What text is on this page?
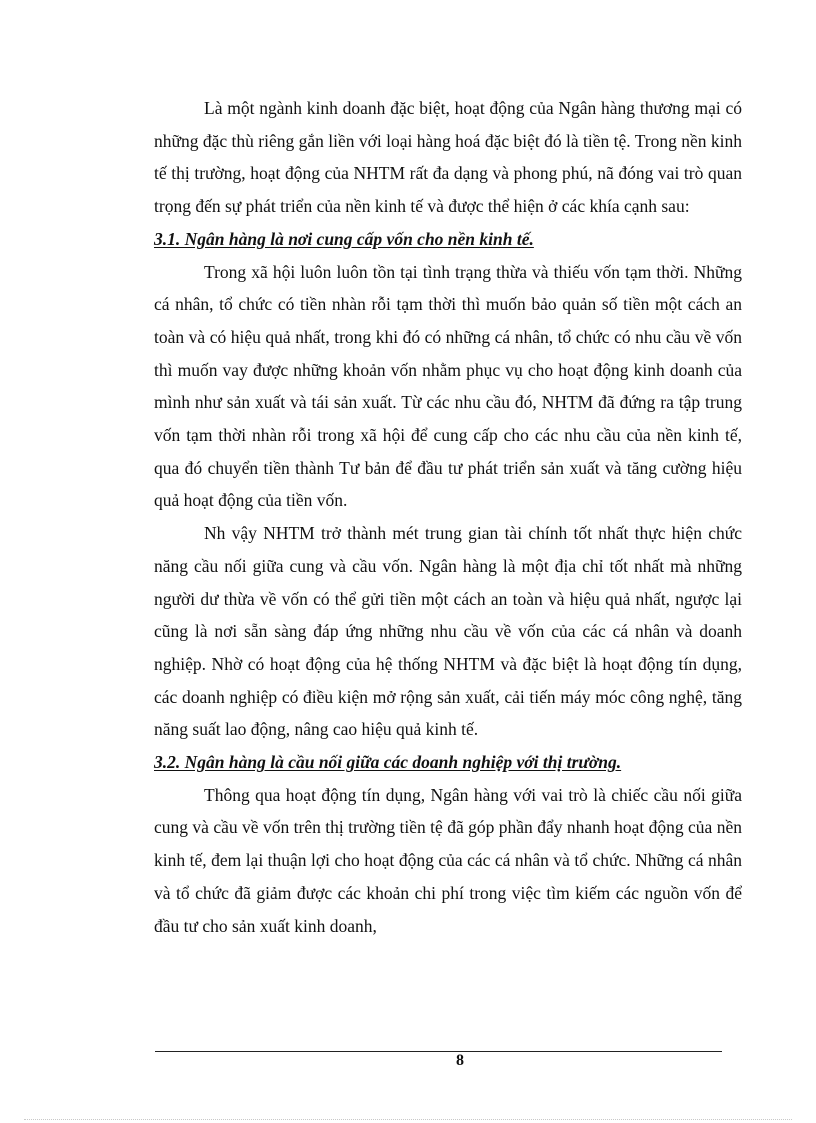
Là một ngành kinh doanh đặc biệt, hoạt động của Ngân hàng thương mại có những đặc thù riêng gắn liền với loại hàng hoá đặc biệt đó là tiền tệ. Trong nền kinh tế thị trường, hoạt động của NHTM rất đa dạng và phong phú, nã đóng vai trò quan trọng đến sự phát triển của nền kinh tế và được thể hiện ở các khía cạnh sau:

3.1. Ngân hàng là nơi cung cấp vốn cho nền kinh tế.

Trong xã hội luôn luôn tồn tại tình trạng thừa và thiếu vốn tạm thời. Những cá nhân, tổ chức có tiền nhàn rỗi tạm thời thì muốn bảo quản số tiền một cách an toàn và có hiệu quả nhất, trong khi đó có những cá nhân, tổ chức có nhu cầu về vốn thì muốn vay được những khoản vốn nhằm phục vụ cho hoạt động kinh doanh của mình như sản xuất và tái sản xuất. Từ các nhu cầu đó, NHTM đã đứng ra tập trung vốn tạm thời nhàn rỗi trong xã hội để cung cấp cho các nhu cầu của nền kinh tế, qua đó chuyển tiền thành Tư bản để đầu tư phát triển sản xuất và tăng cường hiệu quả hoạt động của tiền vốn.

Nh vậy NHTM trở thành mét trung gian tài chính tốt nhất thực hiện chức năng cầu nối giữa cung và cầu vốn. Ngân hàng là một địa chỉ tốt nhất mà những người dư thừa về vốn có thể gửi tiền một cách an toàn và hiệu quả nhất, ngược lại cũng là nơi sẵn sàng đáp ứng những nhu cầu về vốn của các cá nhân và doanh nghiệp. Nhờ có hoạt động của hệ thống NHTM và đặc biệt là hoạt động tín dụng, các doanh nghiệp có điều kiện mở rộng sản xuất, cải tiến máy móc công nghệ, tăng năng suất lao động, nâng cao hiệu quả kinh tế.

3.2. Ngân hàng là cầu nối giữa các doanh nghiệp với thị trường.

Thông qua hoạt động tín dụng, Ngân hàng với vai trò là chiếc cầu nối giữa cung và cầu về vốn trên thị trường tiền tệ đã góp phần đẩy nhanh hoạt động của nền kinh tế, đem lại thuận lợi cho hoạt động của các cá nhân và tổ chức. Những cá nhân và tổ chức đã giảm được các khoản chi phí trong việc tìm kiếm các nguồn vốn để đầu tư cho sản xuất kinh doanh,

8
